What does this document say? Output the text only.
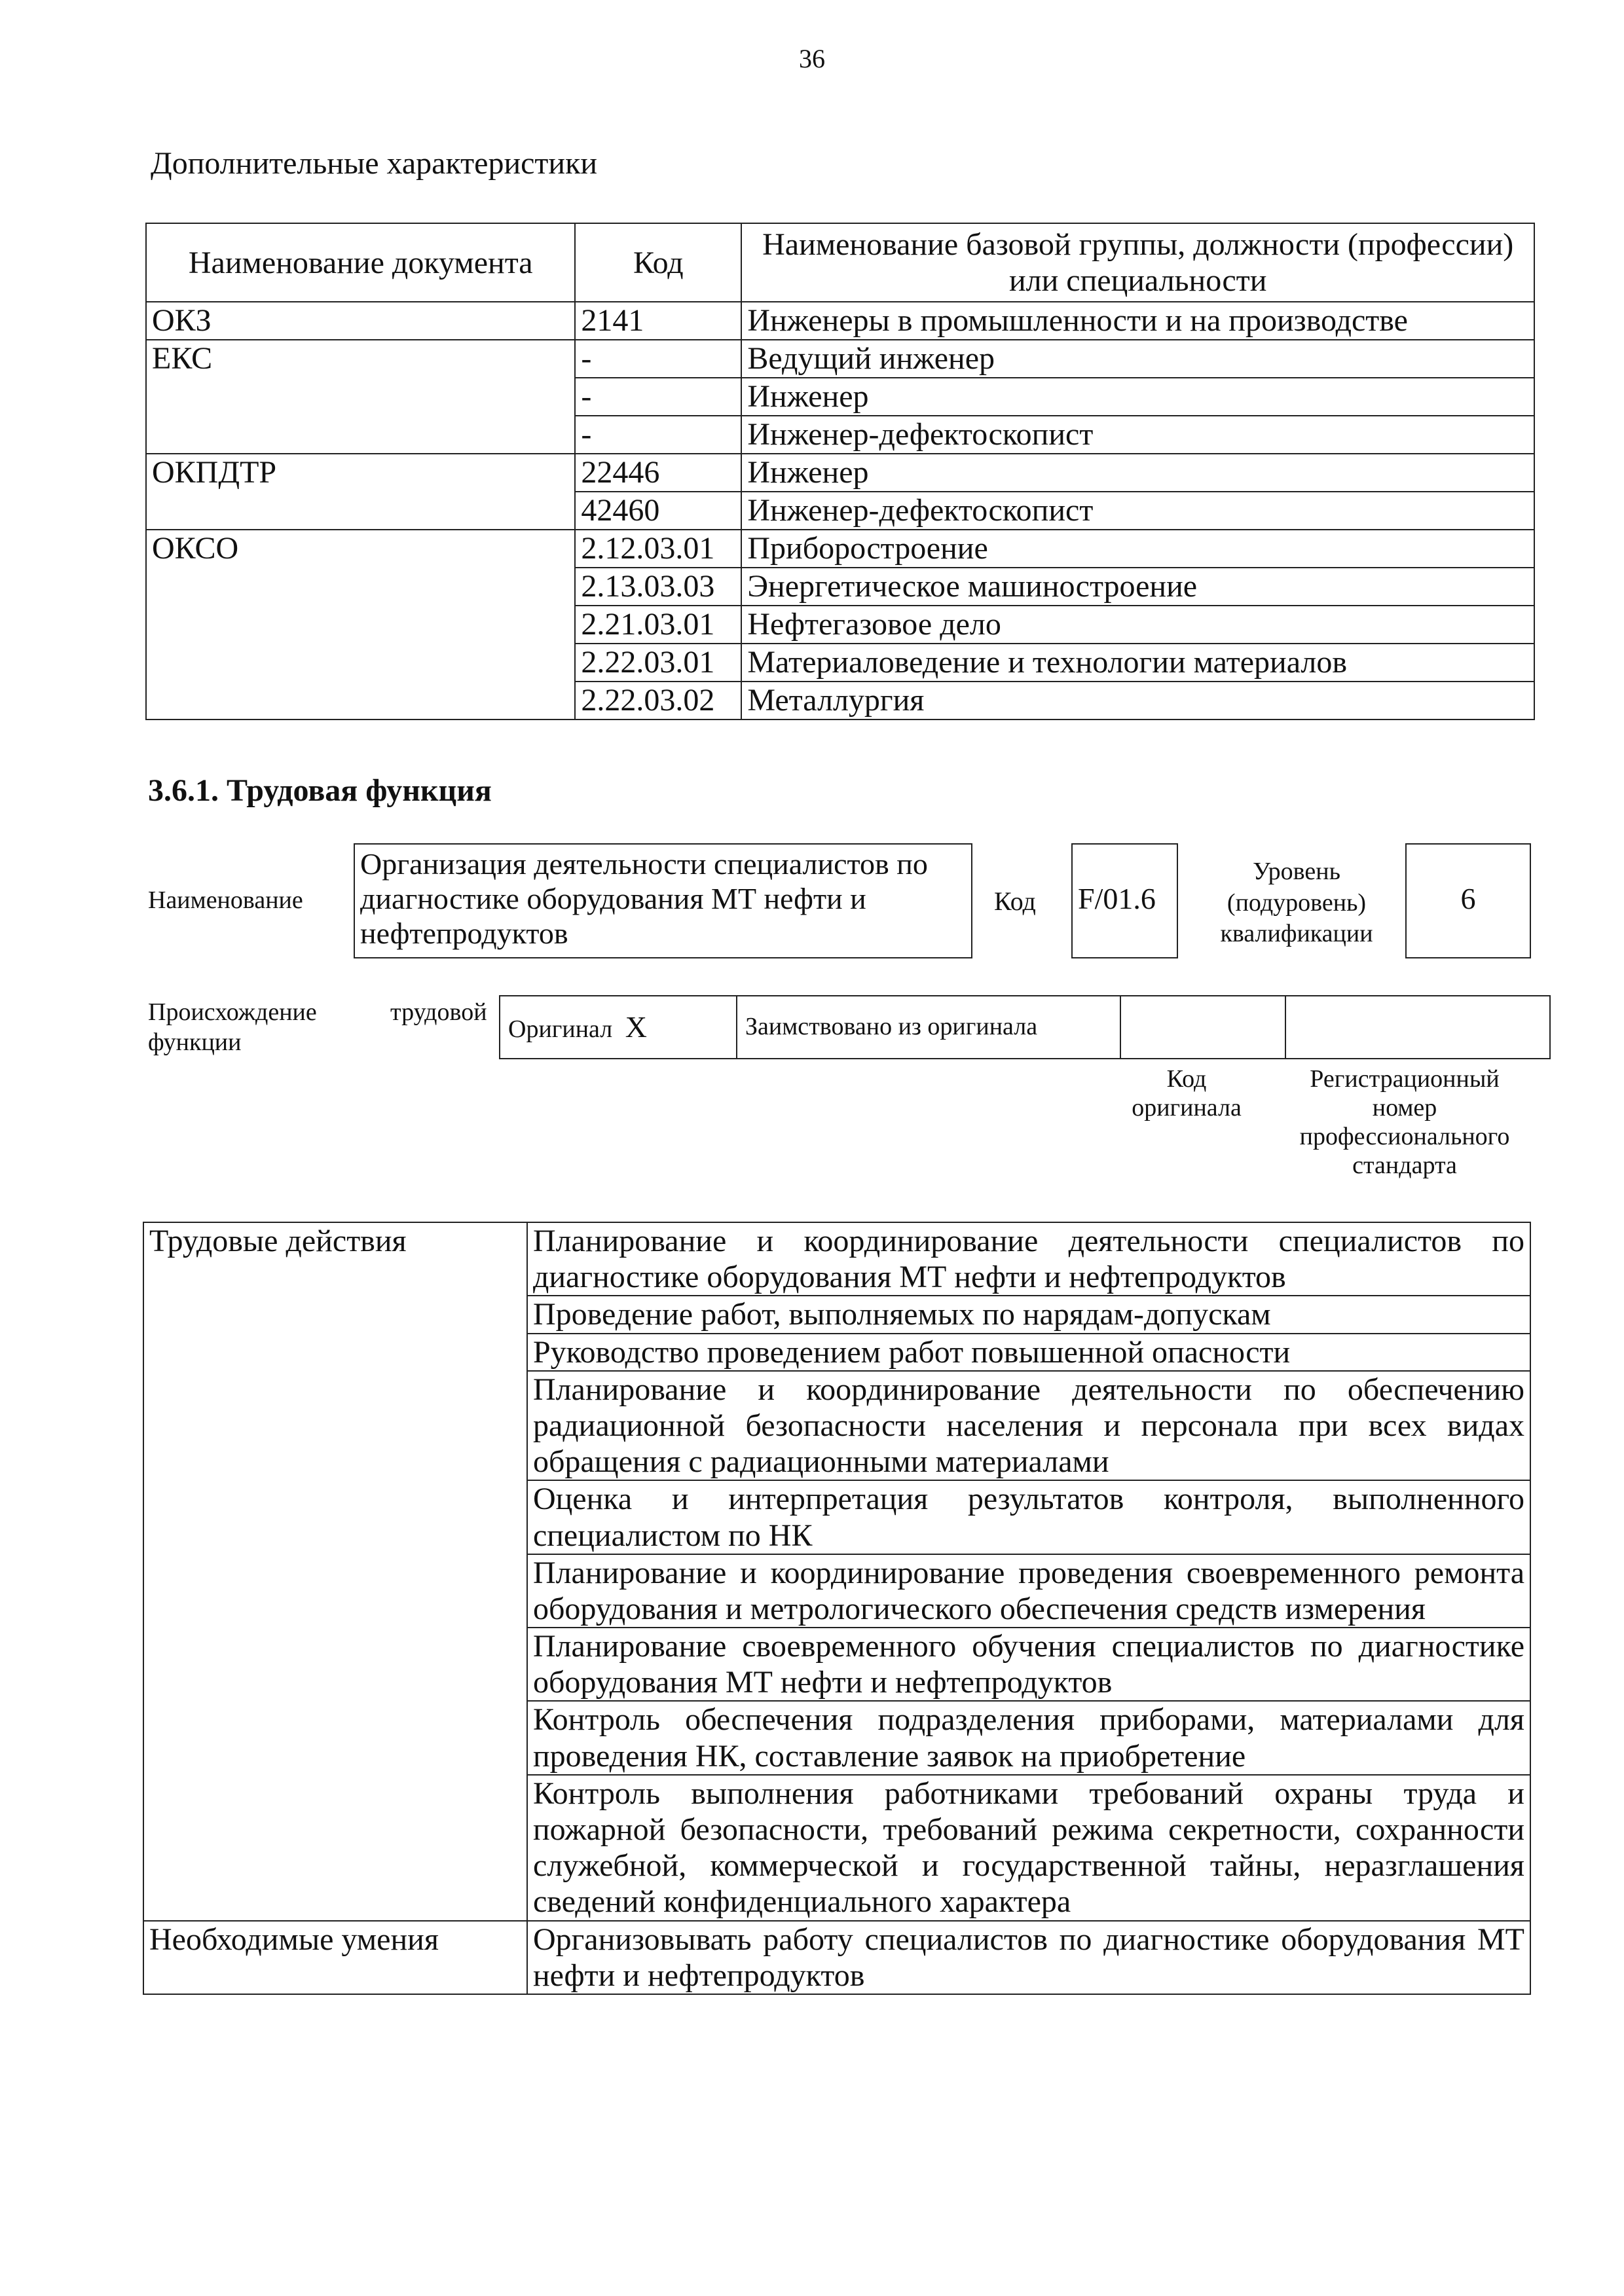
36
Дополнительные характеристики
Наименование документа	Код	Наименование базовой группы, должности (профессии) или специальности
ОКЗ	2141	Инженеры в промышленности и на производстве
ЕКС	-	Ведущий инженер
	-	Инженер
	-	Инженер-дефектоскопист
ОКПДТР	22446	Инженер
	42460	Инженер-дефектоскопист
ОКСО	2.12.03.01	Приборостроение
	2.13.03.03	Энергетическое машиностроение
	2.21.03.01	Нефтегазовое дело
	2.22.03.01	Материаловедение и технологии материалов
	2.22.03.02	Металлургия
3.6.1. Трудовая функция
Наименование
Организация деятельности специалистов по диагностике оборудования МТ нефти и нефтепродуктов
Код F/01.6
Уровень
(подуровень)
квалификации
6
Происхождение	трудовой
функции	Оригинал X	Заимствовано из оригинала		
Код
оригинала
Регистрационный
номер
профессионального
стандарта
Трудовые действия	Планирование и координирование деятельности специалистов по диагностике оборудования МТ нефти и нефтепродуктов
	Проведение работ, выполняемых по нарядам-допускам
	Руководство проведением работ повышенной опасности
	Планирование и координирование деятельности по обеспечению радиационной безопасности населения и персонала при всех видах обращения с радиационными материалами
	Оценка и интерпретация результатов контроля, выполненного специалистом по НК
	Планирование и координирование проведения своевременного ремонта оборудования и метрологического обеспечения средств измерения
	Планирование своевременного обучения специалистов по диагностике оборудования МТ нефти и нефтепродуктов
	Контроль обеспечения подразделения приборами, материалами для проведения НК, составление заявок на приобретение
	Контроль выполнения работниками требований охраны труда и пожарной безопасности, требований режима секретности, сохранности служебной, коммерческой и государственной тайны, неразглашения сведений конфиденциального характера
Необходимые умения	Организовывать работу специалистов по диагностике оборудования МТ нефти и нефтепродуктов
